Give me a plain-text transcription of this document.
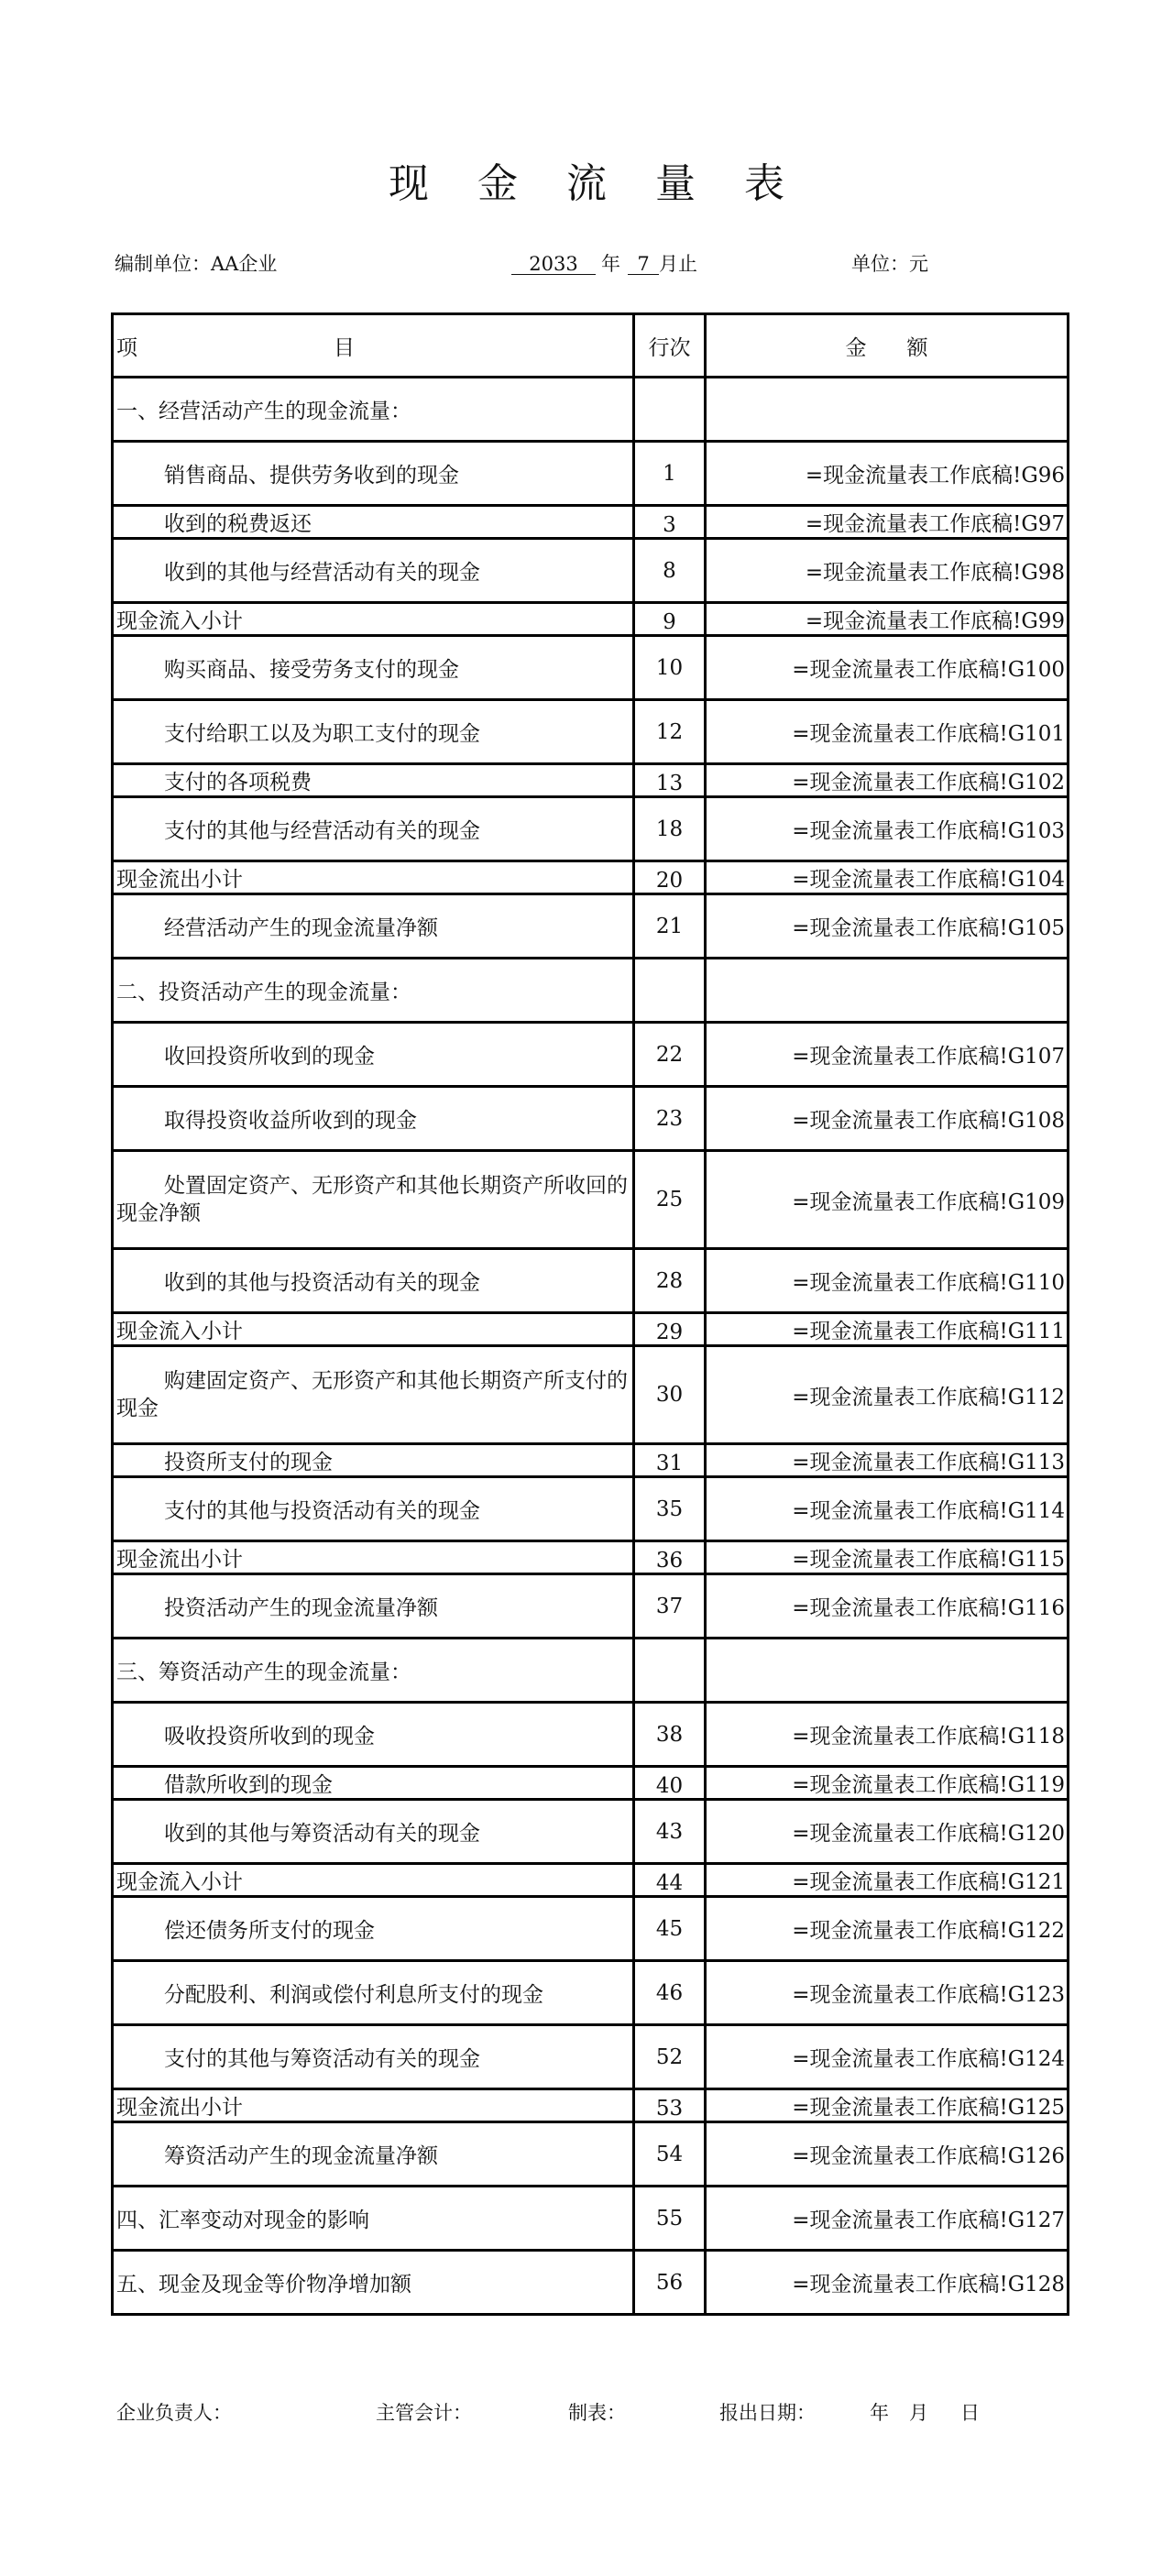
现金流量表
编制单位：AA企业	2033 年 7 月止	单位：元
项 目	行次	金额
一、经营活动产生的现金流量：		
销售商品、提供劳务收到的现金	1	=现金流量表工作底稿!G96
收到的税费返还	3	=现金流量表工作底稿!G97
收到的其他与经营活动有关的现金	8	=现金流量表工作底稿!G98
现金流入小计	9	=现金流量表工作底稿!G99
购买商品、接受劳务支付的现金	10	=现金流量表工作底稿!G100
支付给职工以及为职工支付的现金	12	=现金流量表工作底稿!G101
支付的各项税费	13	=现金流量表工作底稿!G102
支付的其他与经营活动有关的现金	18	=现金流量表工作底稿!G103
现金流出小计	20	=现金流量表工作底稿!G104
经营活动产生的现金流量净额	21	=现金流量表工作底稿!G105
二、投资活动产生的现金流量：		
收回投资所收到的现金	22	=现金流量表工作底稿!G107
取得投资收益所收到的现金	23	=现金流量表工作底稿!G108

处置固定资产、无形资产和其他长期资产所收回的现金净额	25	=现金流量表工作底稿!G109
收到的其他与投资活动有关的现金	28	=现金流量表工作底稿!G110
现金流入小计	29	=现金流量表工作底稿!G111

购建固定资产、无形资产和其他长期资产所支付的现金	30	=现金流量表工作底稿!G112
投资所支付的现金	31	=现金流量表工作底稿!G113
支付的其他与投资活动有关的现金	35	=现金流量表工作底稿!G114
现金流出小计	36	=现金流量表工作底稿!G115
投资活动产生的现金流量净额	37	=现金流量表工作底稿!G116
三、筹资活动产生的现金流量：		
吸收投资所收到的现金	38	=现金流量表工作底稿!G118
借款所收到的现金	40	=现金流量表工作底稿!G119
收到的其他与筹资活动有关的现金	43	=现金流量表工作底稿!G120
现金流入小计	44	=现金流量表工作底稿!G121
偿还债务所支付的现金	45	=现金流量表工作底稿!G122
分配股利、利润或偿付利息所支付的现金	46	=现金流量表工作底稿!G123
支付的其他与筹资活动有关的现金	52	=现金流量表工作底稿!G124
现金流出小计	53	=现金流量表工作底稿!G125
筹资活动产生的现金流量净额	54	=现金流量表工作底稿!G126
四、汇率变动对现金的影响	55	=现金流量表工作底稿!G127
五、现金及现金等价物净增加额	56	=现金流量表工作底稿!G128
企业负责人：	主管会计：	制表：	报出日期：	年 月 日
